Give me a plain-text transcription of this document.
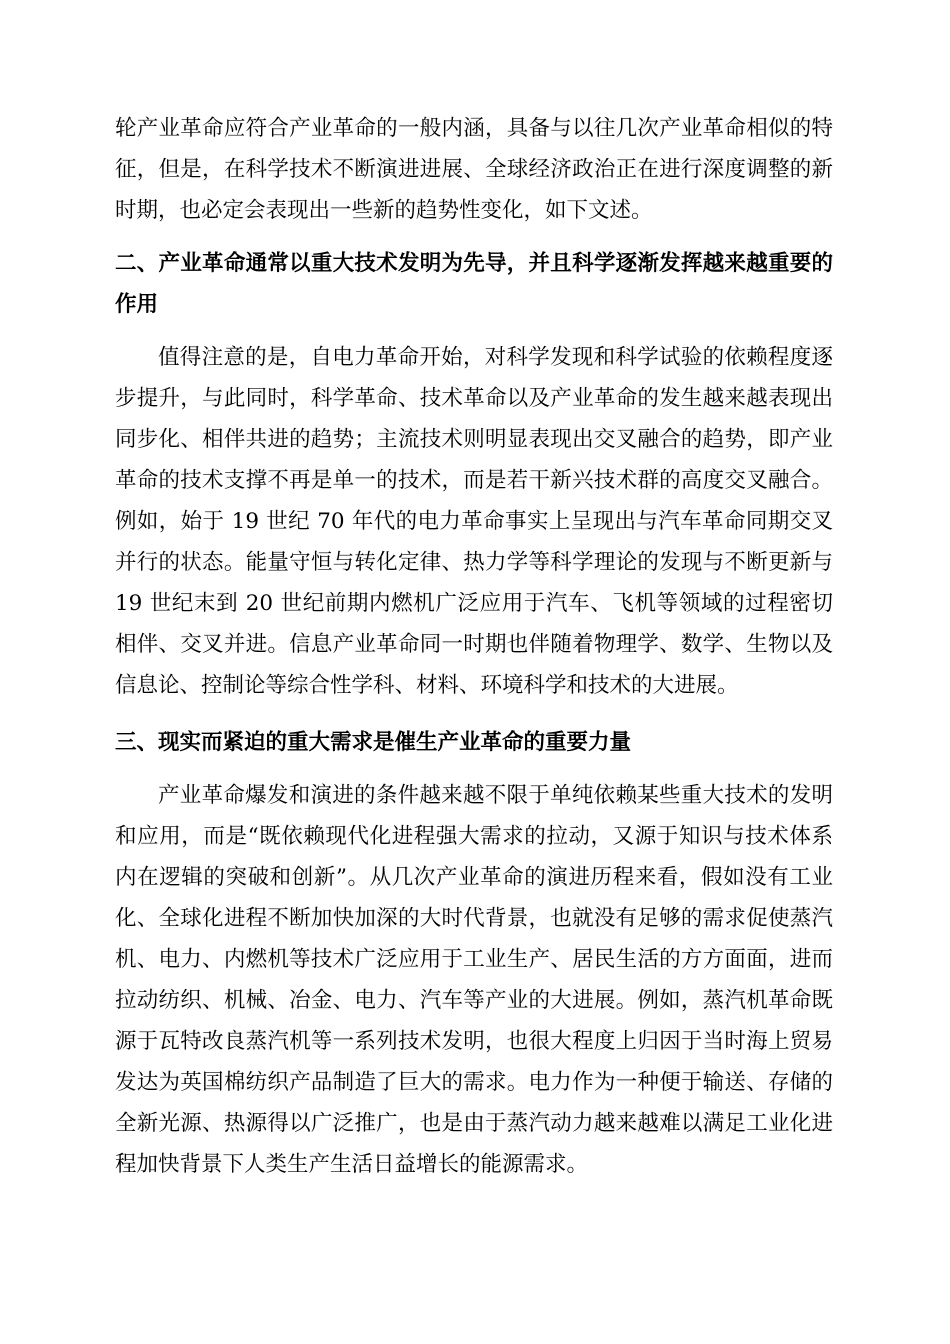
轮产业革命应符合产业革命的一般内涵，具备与以往几次产业革命相似的特征，但是，在科学技术不断演进进展、全球经济政治正在进行深度调整的新时期，也必定会表现出一些新的趋势性变化，如下文述。

二、产业革命通常以重大技术发明为先导，并且科学逐渐发挥越来越重要的作用

值得注意的是，自电力革命开始，对科学发现和科学试验的依赖程度逐步提升，与此同时，科学革命、技术革命以及产业革命的发生越来越表现出同步化、相伴共进的趋势；主流技术则明显表现出交叉融合的趋势，即产业革命的技术支撑不再是单一的技术，而是若干新兴技术群的高度交叉融合。例如，始于 19 世纪 70 年代的电力革命事实上呈现出与汽车革命同期交叉并行的状态。能量守恒与转化定律、热力学等科学理论的发现与不断更新与 19 世纪末到 20 世纪前期内燃机广泛应用于汽车、飞机等领域的过程密切相伴、交叉并进。信息产业革命同一时期也伴随着物理学、数学、生物以及信息论、控制论等综合性学科、材料、环境科学和技术的大进展。

三、现实而紧迫的重大需求是催生产业革命的重要力量

产业革命爆发和演进的条件越来越不限于单纯依赖某些重大技术的发明和应用，而是“既依赖现代化进程强大需求的拉动，又源于知识与技术体系内在逻辑的突破和创新”。从几次产业革命的演进历程来看，假如没有工业化、全球化进程不断加快加深的大时代背景，也就没有足够的需求促使蒸汽机、电力、内燃机等技术广泛应用于工业生产、居民生活的方方面面，进而拉动纺织、机械、冶金、电力、汽车等产业的大进展。例如，蒸汽机革命既源于瓦特改良蒸汽机等一系列技术发明，也很大程度上归因于当时海上贸易发达为英国棉纺织产品制造了巨大的需求。电力作为一种便于输送、存储的全新光源、热源得以广泛推广，也是由于蒸汽动力越来越难以满足工业化进程加快背景下人类生产生活日益增长的能源需求。
